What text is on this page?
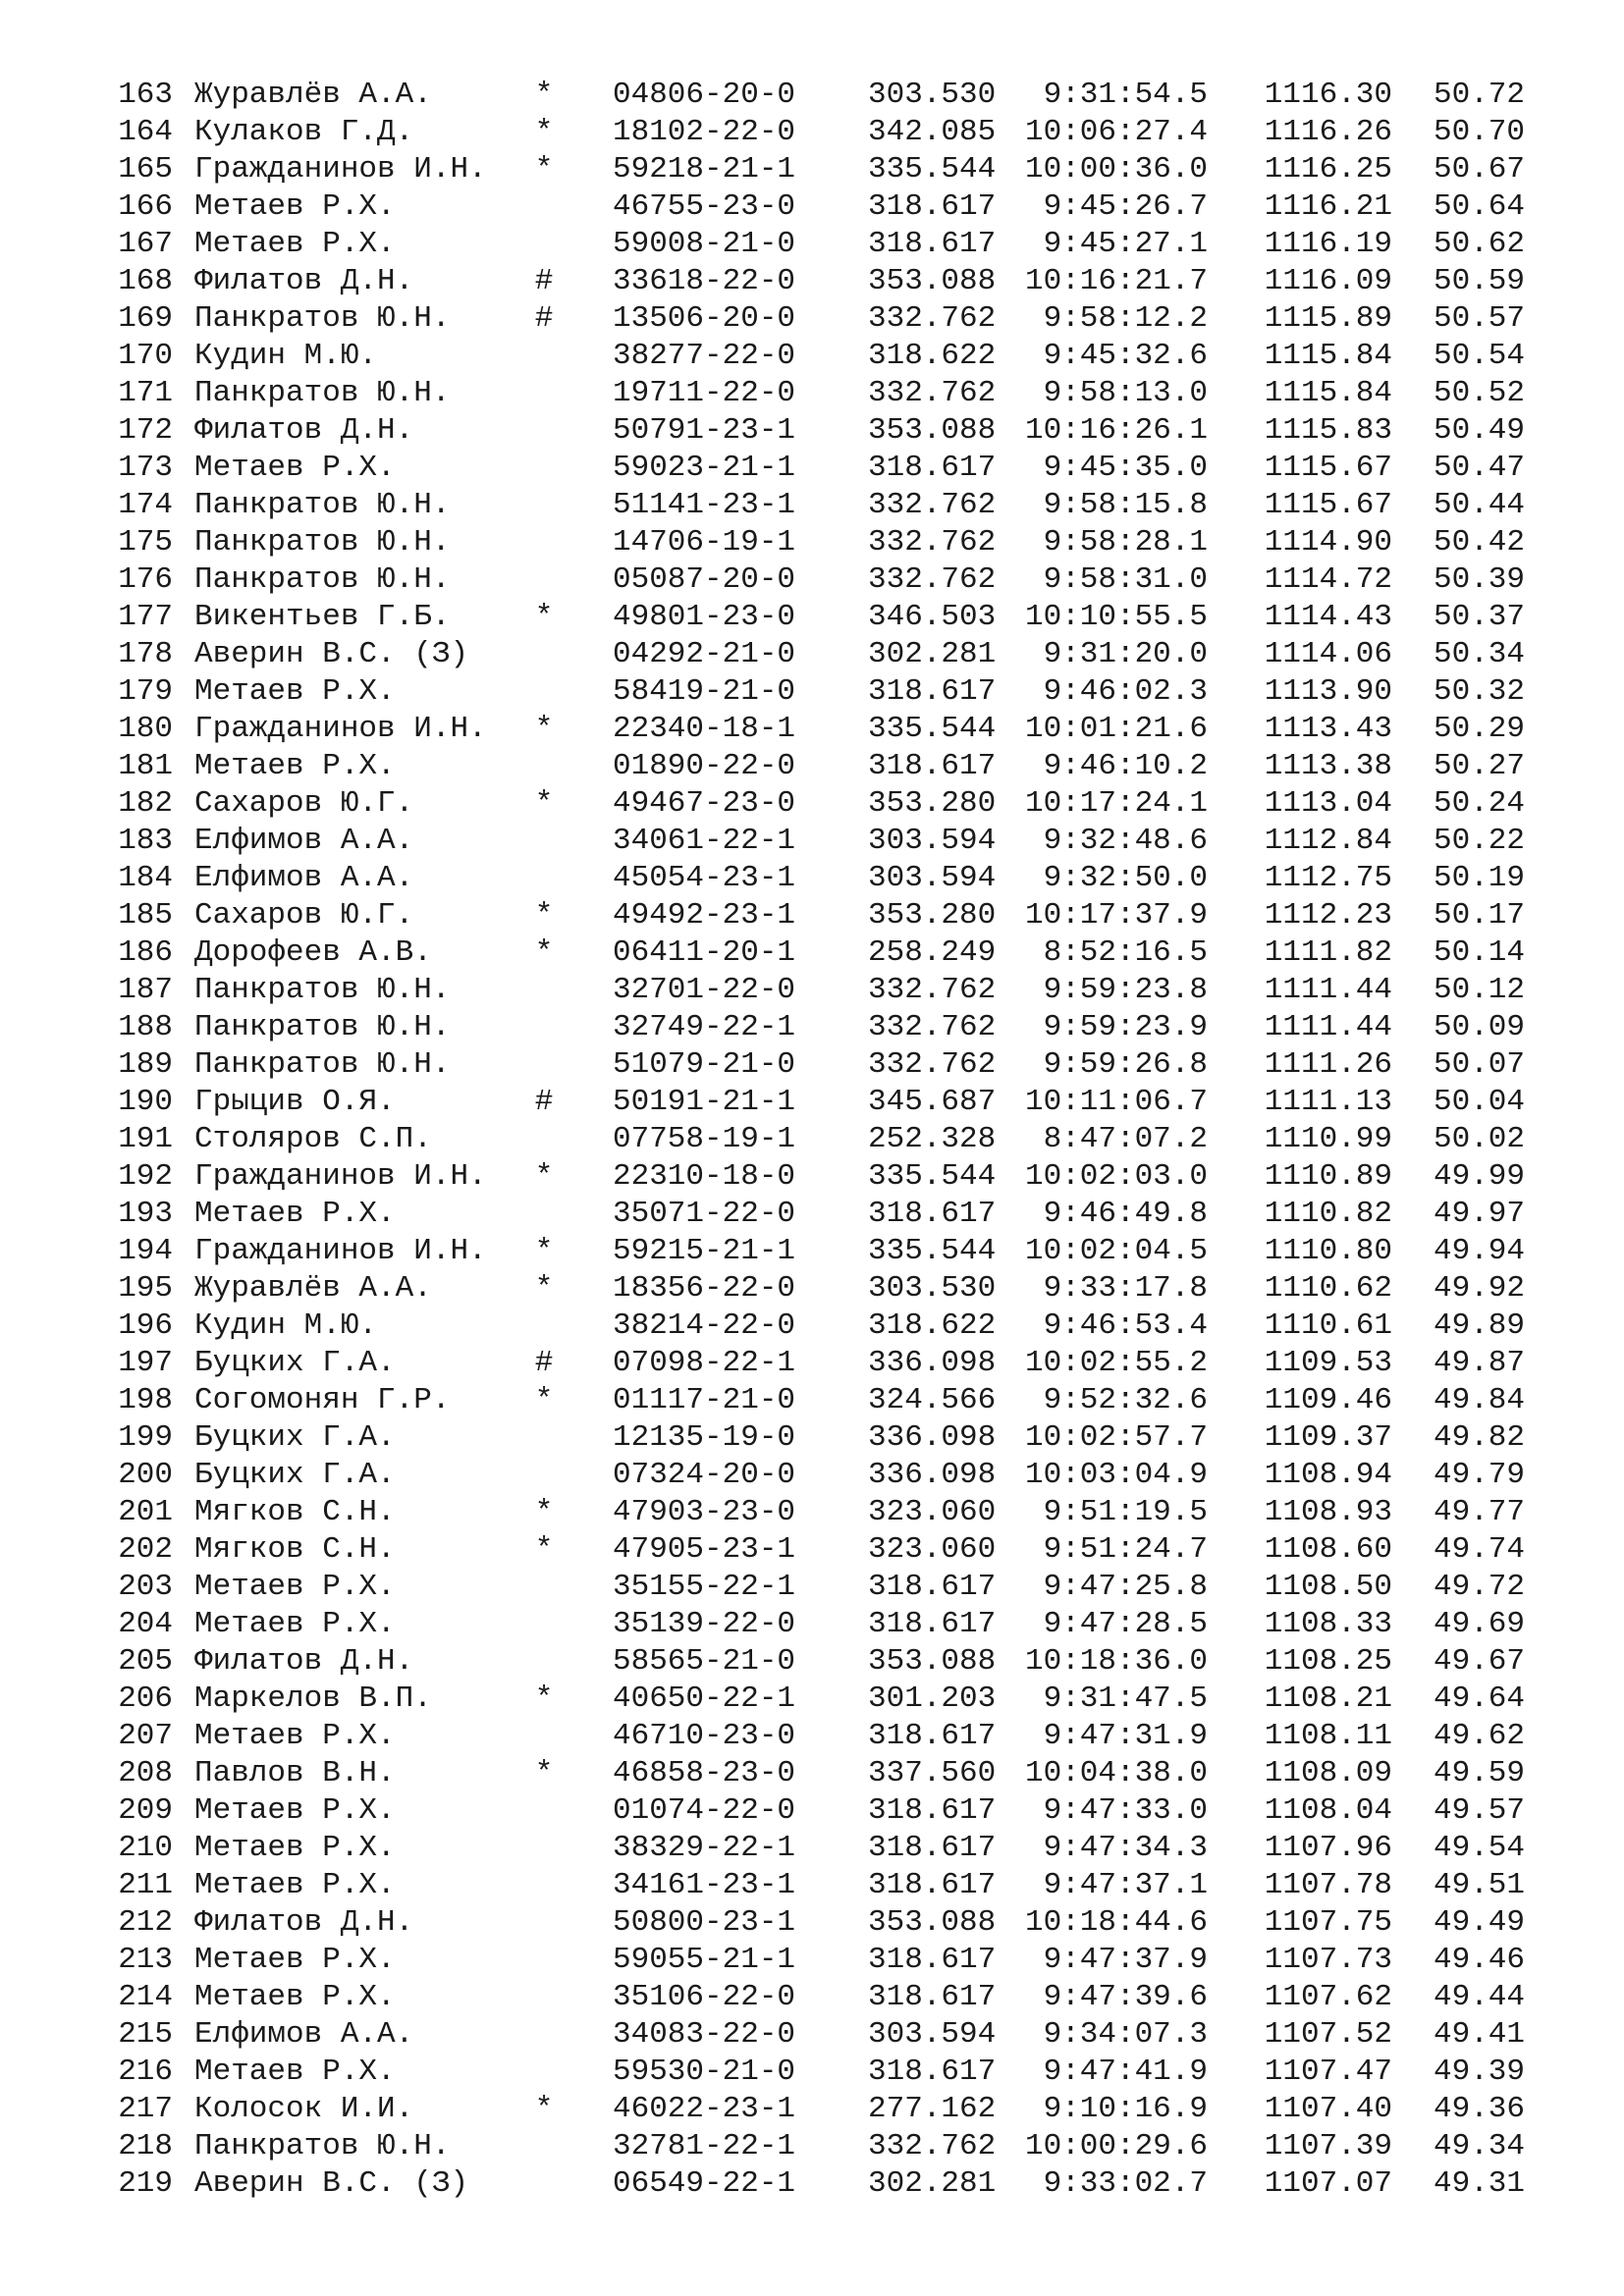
163 Журавлёв А.А.	* 04806-20-0 303.530	9:31:54.5	1116.30	50.72
164 Кулаков Г.Д.	* 18102-22-0 342.085 10:06:27.4	1116.26	50.70
165 Гражданинов И.Н. * 59218-21-1 335.544 10:00:36.0	1116.25	50.67
166 Метаев Р.Х.	46755-23-0 318.617	9:45:26.7	1116.21	50.64
167 Метаев Р.Х.	59008-21-0 318.617	9:45:27.1	1116.19	50.62
168 Филатов Д.Н.	# 33618-22-0 353.088 10:16:21.7	1116.09	50.59
169 Панкратов Ю.Н.	# 13506-20-0 332.762	9:58:12.2	1115.89	50.57
170 Кудин М.Ю.	38277-22-0 318.622	9:45:32.6	1115.84	50.54
171 Панкратов Ю.Н.	19711-22-0 332.762	9:58:13.0	1115.84	50.52
172 Филатов Д.Н.	50791-23-1 353.088 10:16:26.1	1115.83	50.49
173 Метаев Р.Х.	59023-21-1 318.617	9:45:35.0	1115.67	50.47
174 Панкратов Ю.Н.	51141-23-1 332.762	9:58:15.8	1115.67	50.44
175 Панкратов Ю.Н.	14706-19-1 332.762	9:58:28.1	1114.90	50.42
176 Панкратов Ю.Н.	05087-20-0 332.762	9:58:31.0	1114.72	50.39
177 Викентьев Г.Б.	* 49801-23-0 346.503 10:10:55.5	1114.43	50.37
178 Аверин В.С. (З)	04292-21-0 302.281	9:31:20.0	1114.06	50.34
179 Метаев Р.Х.	58419-21-0 318.617	9:46:02.3	1113.90	50.32
180 Гражданинов И.Н. * 22340-18-1 335.544 10:01:21.6	1113.43	50.29
181 Метаев Р.Х.	01890-22-0 318.617	9:46:10.2	1113.38	50.27
182 Сахаров Ю.Г.	* 49467-23-0 353.280 10:17:24.1	1113.04	50.24
183 Елфимов А.А.	34061-22-1 303.594	9:32:48.6	1112.84	50.22
184 Елфимов А.А.	45054-23-1 303.594	9:32:50.0	1112.75	50.19
185 Сахаров Ю.Г.	* 49492-23-1 353.280 10:17:37.9	1112.23	50.17
186 Дорофеев А.В.	* 06411-20-1 258.249	8:52:16.5	1111.82	50.14
187 Панкратов Ю.Н.	32701-22-0 332.762	9:59:23.8	1111.44	50.12
188 Панкратов Ю.Н.	32749-22-1 332.762	9:59:23.9	1111.44	50.09
189 Панкратов Ю.Н.	51079-21-0 332.762	9:59:26.8	1111.26	50.07
190 Грыцив О.Я.	# 50191-21-1 345.687 10:11:06.7	1111.13	50.04
191 Столяров С.П.	07758-19-1 252.328	8:47:07.2	1110.99	50.02
192 Гражданинов И.Н. * 22310-18-0 335.544 10:02:03.0	1110.89	49.99
193 Метаев Р.Х.	35071-22-0 318.617	9:46:49.8	1110.82	49.97
194 Гражданинов И.Н. * 59215-21-1 335.544 10:02:04.5	1110.80	49.94
195 Журавлёв А.А.	* 18356-22-0 303.530	9:33:17.8	1110.62	49.92
196 Кудин М.Ю.	38214-22-0 318.622	9:46:53.4	1110.61	49.89
197 Буцких Г.А.	# 07098-22-1 336.098 10:02:55.2	1109.53	49.87
198 Согомонян Г.Р.	* 01117-21-0 324.566	9:52:32.6	1109.46	49.84
199 Буцких Г.А.	12135-19-0 336.098 10:02:57.7	1109.37	49.82
200 Буцких Г.А.	07324-20-0 336.098 10:03:04.9	1108.94	49.79
201 Мягков С.Н.	* 47903-23-0 323.060	9:51:19.5	1108.93	49.77
202 Мягков С.Н.	* 47905-23-1 323.060	9:51:24.7	1108.60	49.74
203 Метаев Р.Х.	35155-22-1 318.617	9:47:25.8	1108.50	49.72
204 Метаев Р.Х.	35139-22-0 318.617	9:47:28.5	1108.33	49.69
205 Филатов Д.Н.	58565-21-0 353.088 10:18:36.0	1108.25	49.67
206 Маркелов В.П.	* 40650-22-1 301.203	9:31:47.5	1108.21	49.64
207 Метаев Р.Х.	46710-23-0 318.617	9:47:31.9	1108.11	49.62
208 Павлов В.Н.	* 46858-23-0 337.560 10:04:38.0	1108.09	49.59
209 Метаев Р.Х.	01074-22-0 318.617	9:47:33.0	1108.04	49.57
210 Метаев Р.Х.	38329-22-1 318.617	9:47:34.3	1107.96	49.54
211 Метаев Р.Х.	34161-23-1 318.617	9:47:37.1	1107.78	49.51
212 Филатов Д.Н.	50800-23-1 353.088 10:18:44.6	1107.75	49.49
213 Метаев Р.Х.	59055-21-1 318.617	9:47:37.9	1107.73	49.46
214 Метаев Р.Х.	35106-22-0 318.617	9:47:39.6	1107.62	49.44
215 Елфимов А.А.	34083-22-0 303.594	9:34:07.3	1107.52	49.41
216 Метаев Р.Х.	59530-21-0 318.617	9:47:41.9	1107.47	49.39
217 Колосок И.И.	* 46022-23-1 277.162	9:10:16.9	1107.40	49.36
218 Панкратов Ю.Н.	32781-22-1 332.762 10:00:29.6	1107.39	49.34
219 Аверин В.С. (З)	06549-22-1 302.281	9:33:02.7	1107.07	49.31
